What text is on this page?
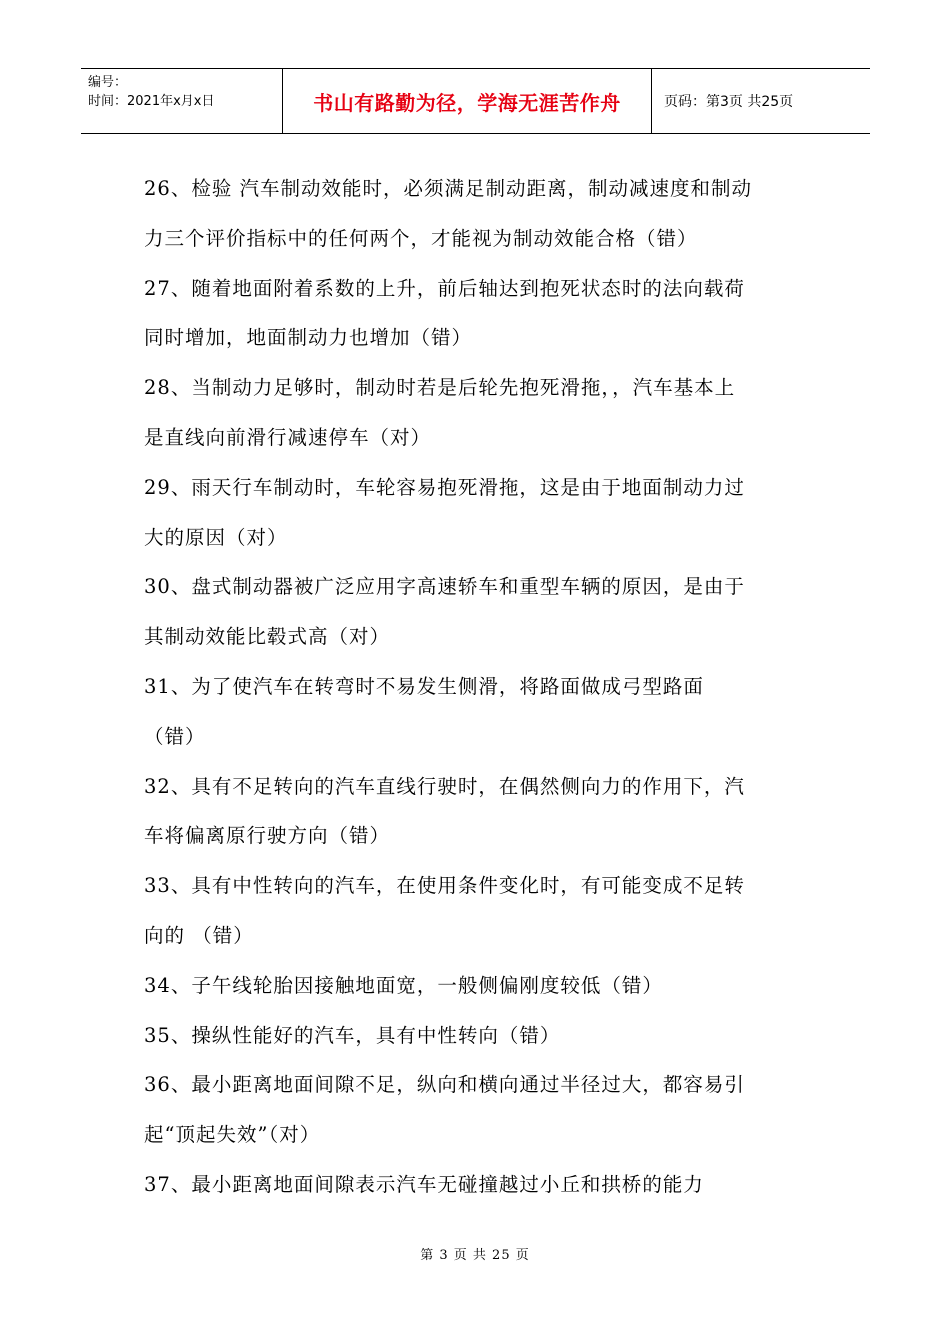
编号：
时间：2021年x月x日	书山有路勤为径，学海无涯苦作舟	页码：第3页 共25页
26、检验 汽车制动效能时，必须满足制动距离，制动减速度和制动
力三个评价指标中的任何两个，才能视为制动效能合格（错）
27、随着地面附着系数的上升，前后轴达到抱死状态时的法向载荷
同时增加，地面制动力也增加（错）
28、当制动力足够时，制动时若是后轮先抱死滑拖，，汽车基本上
是直线向前滑行减速停车（对）
29、雨天行车制动时，车轮容易抱死滑拖，这是由于地面制动力过
大的原因（对）
30、盘式制动器被广泛应用字高速轿车和重型车辆的原因，是由于
其制动效能比毂式高（对）
31、为了使汽车在转弯时不易发生侧滑，将路面做成弓型路面
（错）
32、具有不足转向的汽车直线行驶时，在偶然侧向力的作用下，汽
车将偏离原行驶方向（错）
33、具有中性转向的汽车，在使用条件变化时，有可能变成不足转
向的 （错）
34、子午线轮胎因接触地面宽，一般侧偏刚度较低（错）
35、操纵性能好的汽车，具有中性转向（错）
36、最小距离地面间隙不足，纵向和横向通过半径过大，都容易引
起“顶起失效”（对）
37、最小距离地面间隙表示汽车无碰撞越过小丘和拱桥的能力
第 3 页 共 25 页
